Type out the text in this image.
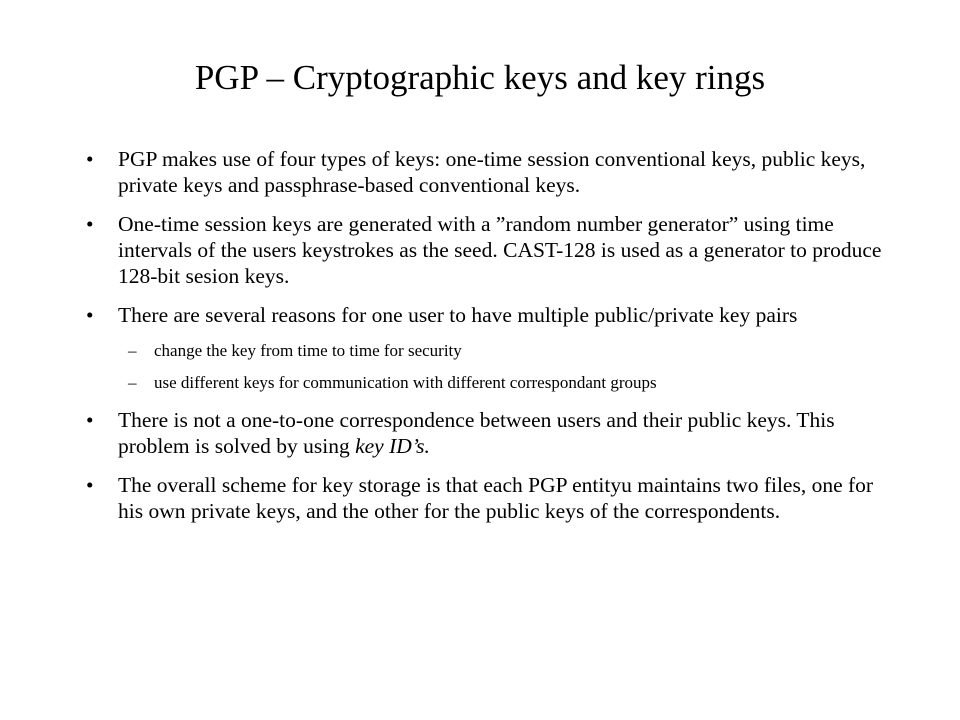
PGP – Cryptographic keys and key rings
• PGP makes use of four types of keys: one-time session conventional keys, public keys, private keys and passphrase-based conventional keys.
• One-time session keys are generated with a ”random number generator” using time intervals of the users keystrokes as the seed. CAST-128 is used as a generator to produce 128-bit sesion keys.
• There are several reasons for one user to have multiple public/private key pairs
– change the key from time to time for security
– use different keys for communication with different correspondant groups
• There is not a one-to-one correspondence between users and their public keys. This problem is solved by using key ID’s.
• The overall scheme for key storage is that each PGP entityu maintains two files, one for his own private keys, and the other for the public keys of the correspondents.
